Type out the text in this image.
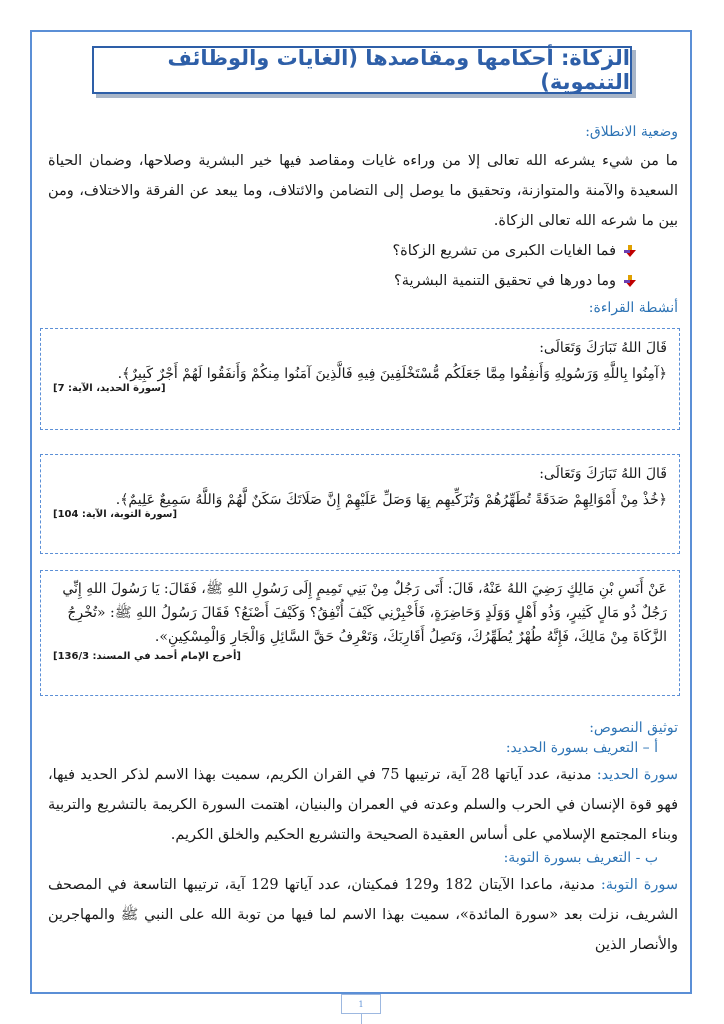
الزكاة: أحكامها ومقاصدها (الغايات والوظائف التنموية)
وضعية الانطلاق:
ما من شيء يشرعه الله تعالى إلا من وراءه غايات ومقاصد فيها خير البشرية وصلاحها، وضمان الحياة السعيدة والآمنة والمتوازنة، وتحقيق ما يوصل إلى التضامن والائتلاف، وما يبعد عن الفرقة والاختلاف، ومن بين ما شرعه الله تعالى الزكاة.
فما الغايات الكبرى من تشريع الزكاة؟
وما دورها في تحقيق التنمية البشرية؟
أنشطة القراءة:
قَالَ اللهُ تَبَارَكَ وَتَعَالَى:
﴿آمِنُوا بِاللَّهِ وَرَسُولِهِ وَأَنفِقُوا مِمَّا جَعَلَكُم مُّسْتَخْلَفِينَ فِيهِ فَالَّذِينَ آمَنُوا مِنكُمْ وَأَنفَقُوا لَهُمْ أَجْرٌ كَبِيرٌ﴾.
[سورة الحديد، الآية: 7]
قَالَ اللهُ تَبَارَكَ وَتَعَالَى:
﴿خُذْ مِنْ أَمْوَالِهِمْ صَدَقَةً تُطَهِّرُهُمْ وَتُزَكِّيهِم بِهَا وَصَلِّ عَلَيْهِمْ إِنَّ صَلَاتَكَ سَكَنٌ لَّهُمْ وَاللَّهُ سَمِيعٌ عَلِيمٌ﴾.
[سورة التوبة، الآية: 104]
عَنْ أَنَسِ بْنِ مَالِكٍ رَضِيَ اللهُ عَنْهُ، قَالَ: أَتَى رَجُلٌ مِنْ بَنِي تَمِيمٍ إِلَى رَسُولِ اللهِ ﷺ، فَقَالَ: يَا رَسُولَ اللهِ إِنِّي رَجُلٌ ذُو مَالٍ كَثِيرٍ، وَذُو أَهْلٍ وَوَلَدٍ وَحَاضِرَةٍ، فَأَخْبِرْنِي كَيْفَ أُنْفِقُ؟ وَكَيْفَ أَصْنَعُ؟ فَقَالَ رَسُولُ اللهِ ﷺ: «تُخْرِجُ الزَّكَاةَ مِنْ مَالِكَ، فَإِنَّهُ طُهْرٌ يُطَهِّرُكَ، وَتَصِلُ أَقَارِبَكَ، وَتَعْرِفُ حَقَّ السَّائِلِ وَالْجَارِ وَالْمِسْكِينِ».
[أخرج الإمام أحمد في المسند: 136/3]
توثيق النصوص:
أ – التعريف بسورة الحديد:
سورة الحديد: مدنية، عدد آياتها 28 آية، ترتيبها 75 في القران الكريم، سميت بهذا الاسم لذكر الحديد فيها، فهو قوة الإنسان في الحرب والسلم وعدته في العمران والبنيان، اهتمت السورة الكريمة بالتشريع والتربية وبناء المجتمع الإسلامي على أساس العقيدة الصحيحة والتشريع الحكيم والخلق الكريم.
ب - التعريف بسورة التوبة:
سورة التوبة: مدنية، ماعدا الآيتان 182 و129 فمكيتان، عدد آياتها 129 آية، ترتيبها التاسعة في المصحف الشريف، نزلت بعد «سورة المائدة»، سميت بهذا الاسم لما فيها من توبة الله على النبي ﷺ والمهاجرين والأنصار الذين
1
